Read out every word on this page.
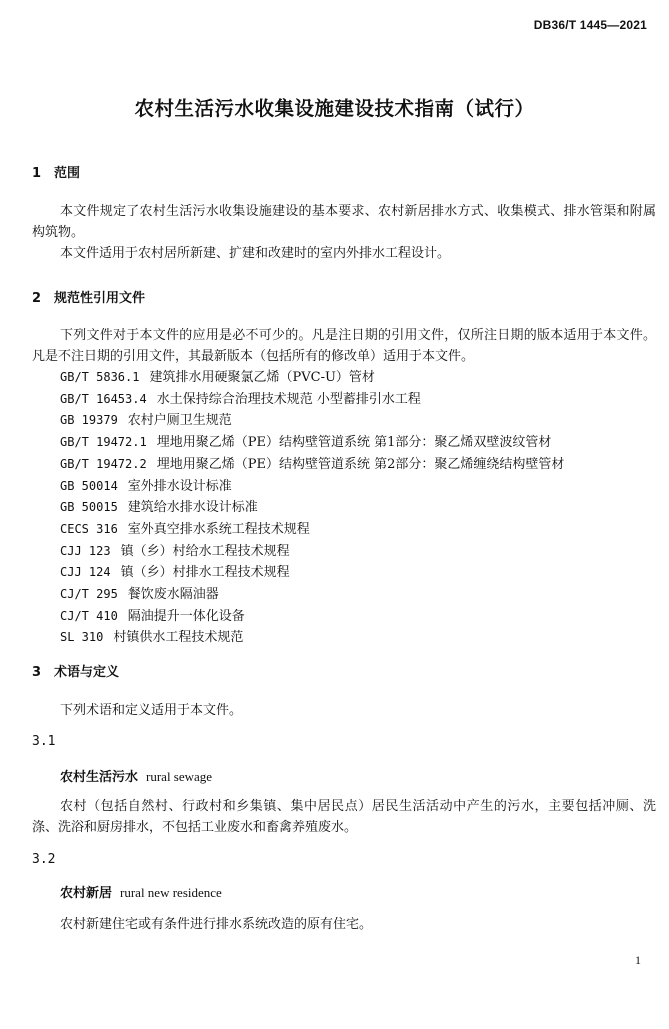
DB36/T 1445—2021
农村生活污水收集设施建设技术指南（试行）
1 范围
本文件规定了农村生活污水收集设施建设的基本要求、农村新居排水方式、收集模式、排水管渠和附属构筑物。
本文件适用于农村居所新建、扩建和改建时的室内外排水工程设计。
2 规范性引用文件
下列文件对于本文件的应用是必不可少的。凡是注日期的引用文件，仅所注日期的版本适用于本文件。凡是不注日期的引用文件，其最新版本（包括所有的修改单）适用于本文件。
GB/T 5836.1 建筑排水用硬聚氯乙烯（PVC-U）管材
GB/T 16453.4 水土保持综合治理技术规范 小型蓄排引水工程
GB 19379 农村户厕卫生规范
GB/T 19472.1 埋地用聚乙烯（PE）结构壁管道系统 第1部分：聚乙烯双壁波纹管材
GB/T 19472.2 埋地用聚乙烯（PE）结构壁管道系统 第2部分：聚乙烯缠绕结构壁管材
GB 50014 室外排水设计标准
GB 50015 建筑给水排水设计标准
CECS 316 室外真空排水系统工程技术规程
CJJ 123 镇（乡）村给水工程技术规程
CJJ 124 镇（乡）村排水工程技术规程
CJ/T 295 餐饮废水隔油器
CJ/T 410 隔油提升一体化设备
SL 310 村镇供水工程技术规范
3 术语与定义
下列术语和定义适用于本文件。
3.1
农村生活污水 rural sewage
农村（包括自然村、行政村和乡集镇、集中居民点）居民生活活动中产生的污水，主要包括冲厕、洗涤、洗浴和厨房排水，不包括工业废水和畜禽养殖废水。
3.2
农村新居 rural new residence
农村新建住宅或有条件进行排水系统改造的原有住宅。
1
